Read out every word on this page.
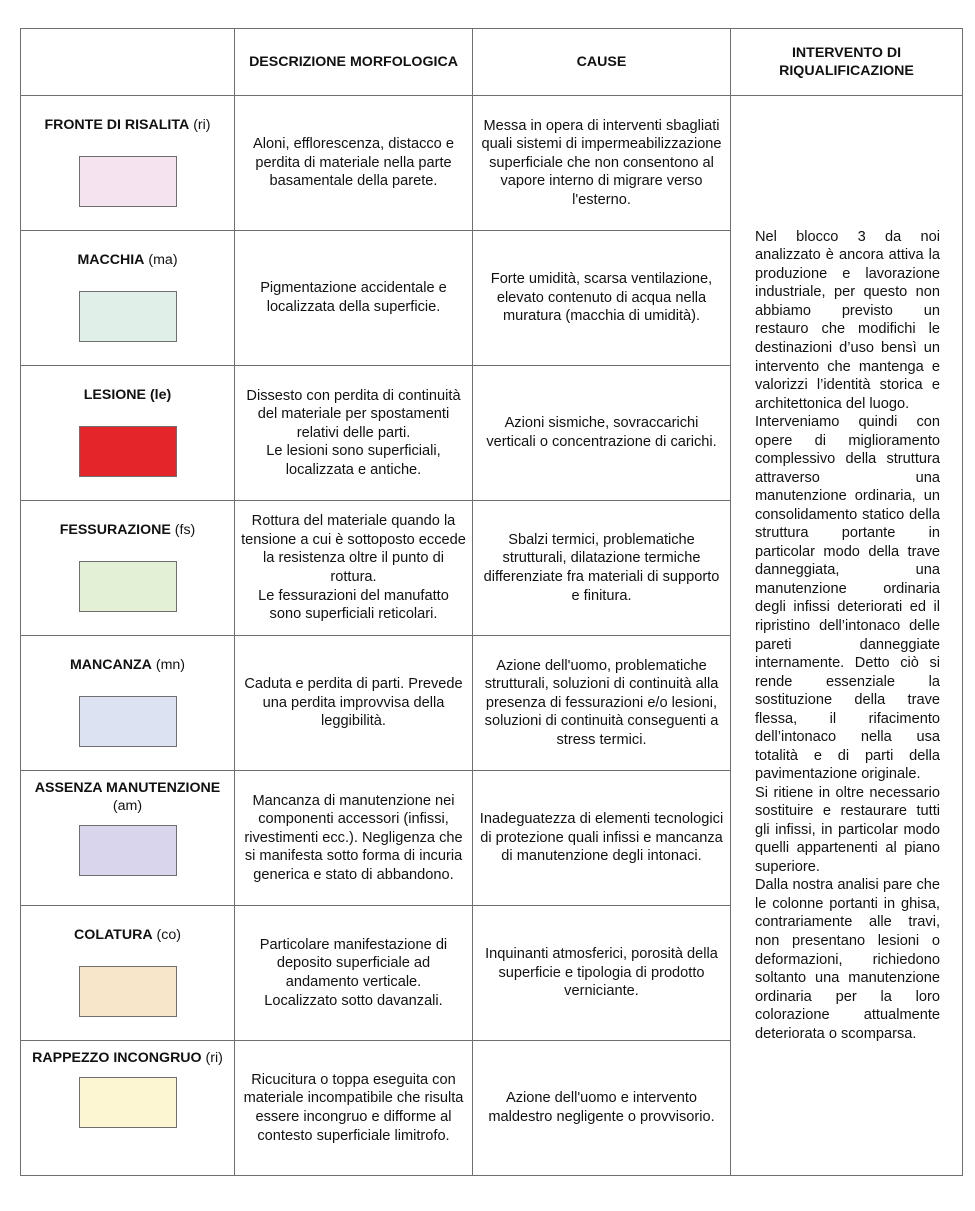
	DESCRIZIONE MORFOLOGICA	CAUSE	INTERVENTO DI RIQUALIFICAZIONE

FRONTE DI RISALITA (ri)	Aloni, efflorescenza, distacco e perdita di materiale nella parte basamentale della parete.	Messa in opera di interventi sbagliati quali sistemi di impermeabilizzazione superficiale che non consentono al vapore interno di migrare verso l'esterno.	Nel blocco 3 da noi analizzato è ancora attiva la produzione e lavorazione industriale, per questo non abbiamo previsto un restauro che modifichi le destinazioni d’uso bensì un intervento che mantenga e valorizzi l’identità storica e architettonica del luogo.
Interveniamo quindi con opere di miglioramento complessivo della struttura attraverso una manutenzione ordinaria, un consolidamento statico della struttura portante in particolar modo della trave danneggiata, una manutenzione ordinaria degli infissi deteriorati ed il ripristino dell’intonaco delle pareti danneggiate internamente. Detto ciò si rende essenziale la sostituzione della trave flessa, il rifacimento dell’intonaco nella usa totalità e di parti della pavimentazione originale.
Si ritiene in oltre necessario sostituire e restaurare tutti gli infissi, in particolar modo quelli appartenenti al piano superiore.
Dalla nostra analisi pare che le colonne portanti in ghisa, contrariamente alle travi, non presentano lesioni o deformazioni, richiedono soltanto una manutenzione ordinaria per la loro colorazione attualmente deteriorata o scomparsa.

MACCHIA (ma)	Pigmentazione accidentale e localizzata della superficie.	Forte umidità, scarsa ventilazione, elevato contenuto di acqua nella muratura (macchia di umidità).	

LESIONE (le)	Dissesto con perdita di continuità del materiale per spostamenti relativi delle parti.
Le lesioni sono superficiali, localizzata e antiche.	Azioni sismiche, sovraccarichi verticali o concentrazione di carichi.	

FESSURAZIONE (fs)	Rottura del materiale quando la tensione a cui è sottoposto eccede la resistenza oltre il punto di rottura.
Le fessurazioni del manufatto sono superficiali reticolari.	Sbalzi termici, problematiche strutturali, dilatazione termiche differenziate fra materiali di supporto e finitura.	

MANCANZA (mn)	Caduta e perdita di parti. Prevede una perdita improvvisa della leggibilità.	Azione dell'uomo, problematiche strutturali, soluzioni di continuità alla presenza di fessurazioni e/o lesioni, soluzioni di continuità conseguenti a stress termici.	

ASSENZA MANUTENZIONE (am)	Mancanza di manutenzione nei componenti accessori (infissi, rivestimenti ecc.). Negligenza che si manifesta sotto forma di incuria generica e stato di abbandono.	Inadeguatezza di elementi tecnologici di protezione quali infissi e mancanza di manutenzione degli intonaci.	

COLATURA (co)	Particolare manifestazione di deposito superficiale ad andamento verticale.
Localizzato sotto davanzali.	Inquinanti atmosferici, porosità della superficie e tipologia di prodotto verniciante.	

RAPPEZZO INCONGRUO (ri)	Ricucitura o toppa eseguita con materiale incompatibile che risulta essere incongruo e difforme al contesto superficiale limitrofo.	Azione dell'uomo e intervento maldestro negligente o provvisorio.	
